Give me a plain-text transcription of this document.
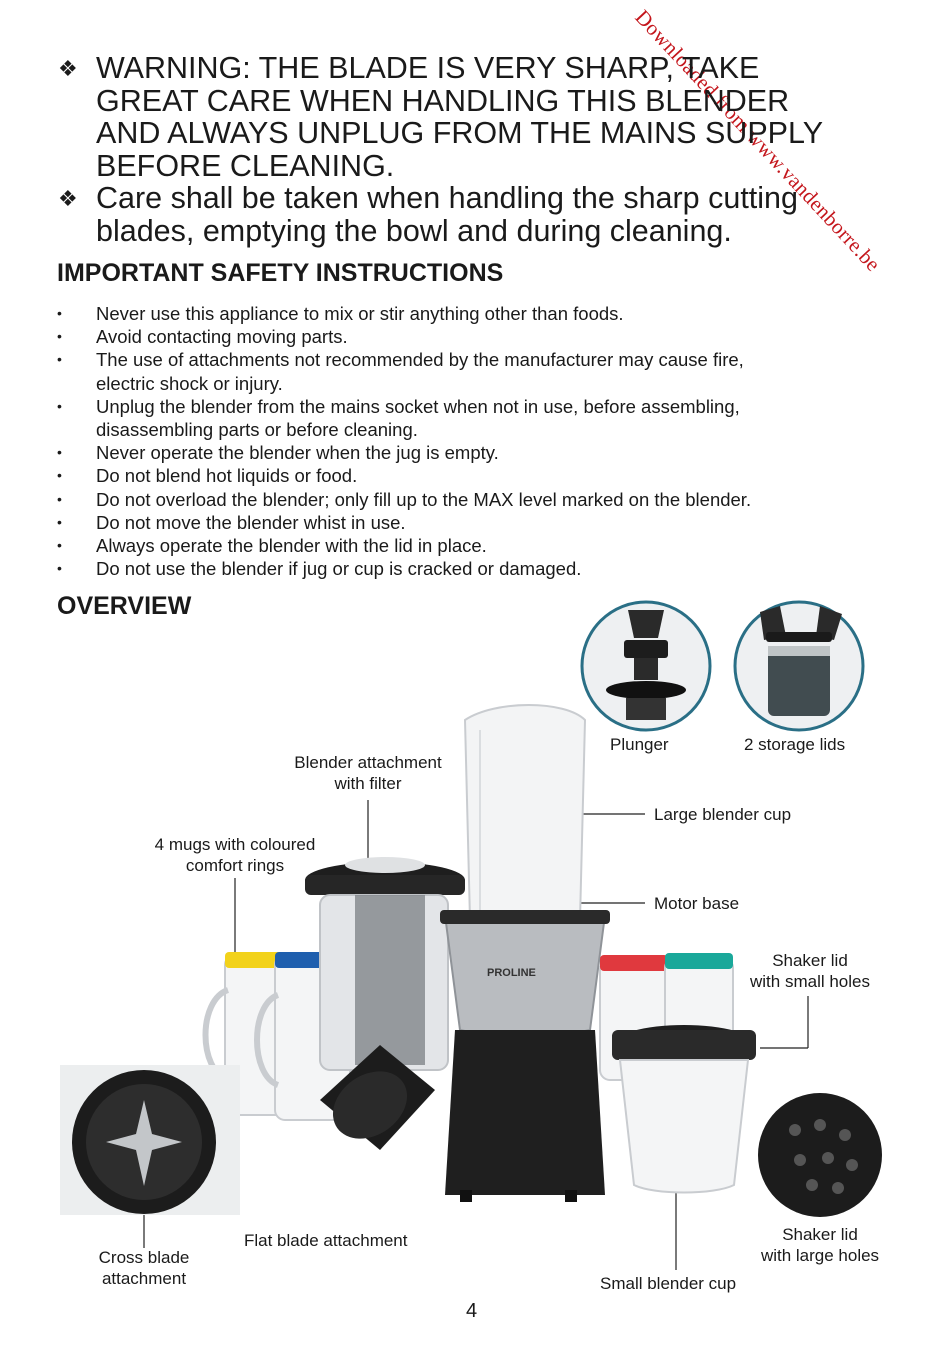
Downloaded from www.vandenborre.be

❖ WARNING: THE BLADE IS VERY SHARP, TAKE
GREAT CARE WHEN HANDLING THIS BLENDER
AND ALWAYS UNPLUG FROM THE MAINS SUPPLY
BEFORE CLEANING.

❖ Care shall be taken when handling the sharp cutting
blades, emptying the bowl and during cleaning.

IMPORTANT SAFETY INSTRUCTIONS
• Never use this appliance to mix or stir anything other than foods.
• Avoid contacting moving parts.
• The use of attachments not recommended by the manufacturer may cause fire,
electric shock or injury.
• Unplug the blender from the mains socket when not in use, before assembling,
disassembling parts or before cleaning.
• Never operate the blender when the jug is empty.
• Do not blend hot liquids or food.
• Do not overload the blender; only fill up to the MAX level marked on the blender.
• Do not move the blender whist in use.
• Always operate the blender with the lid in place.
• Do not use the blender if jug or cup is cracked or damaged.
OVERVIEW
PROLINE
Plunger	2 storage lids
Blender attachment
with filter
Large blender cup
4 mugs with coloured
comfort rings
Motor base
Shaker lid
with small holes
Cross blade
attachment
Flat blade attachment	Shaker lid
with large holes
Small blender cup
4
